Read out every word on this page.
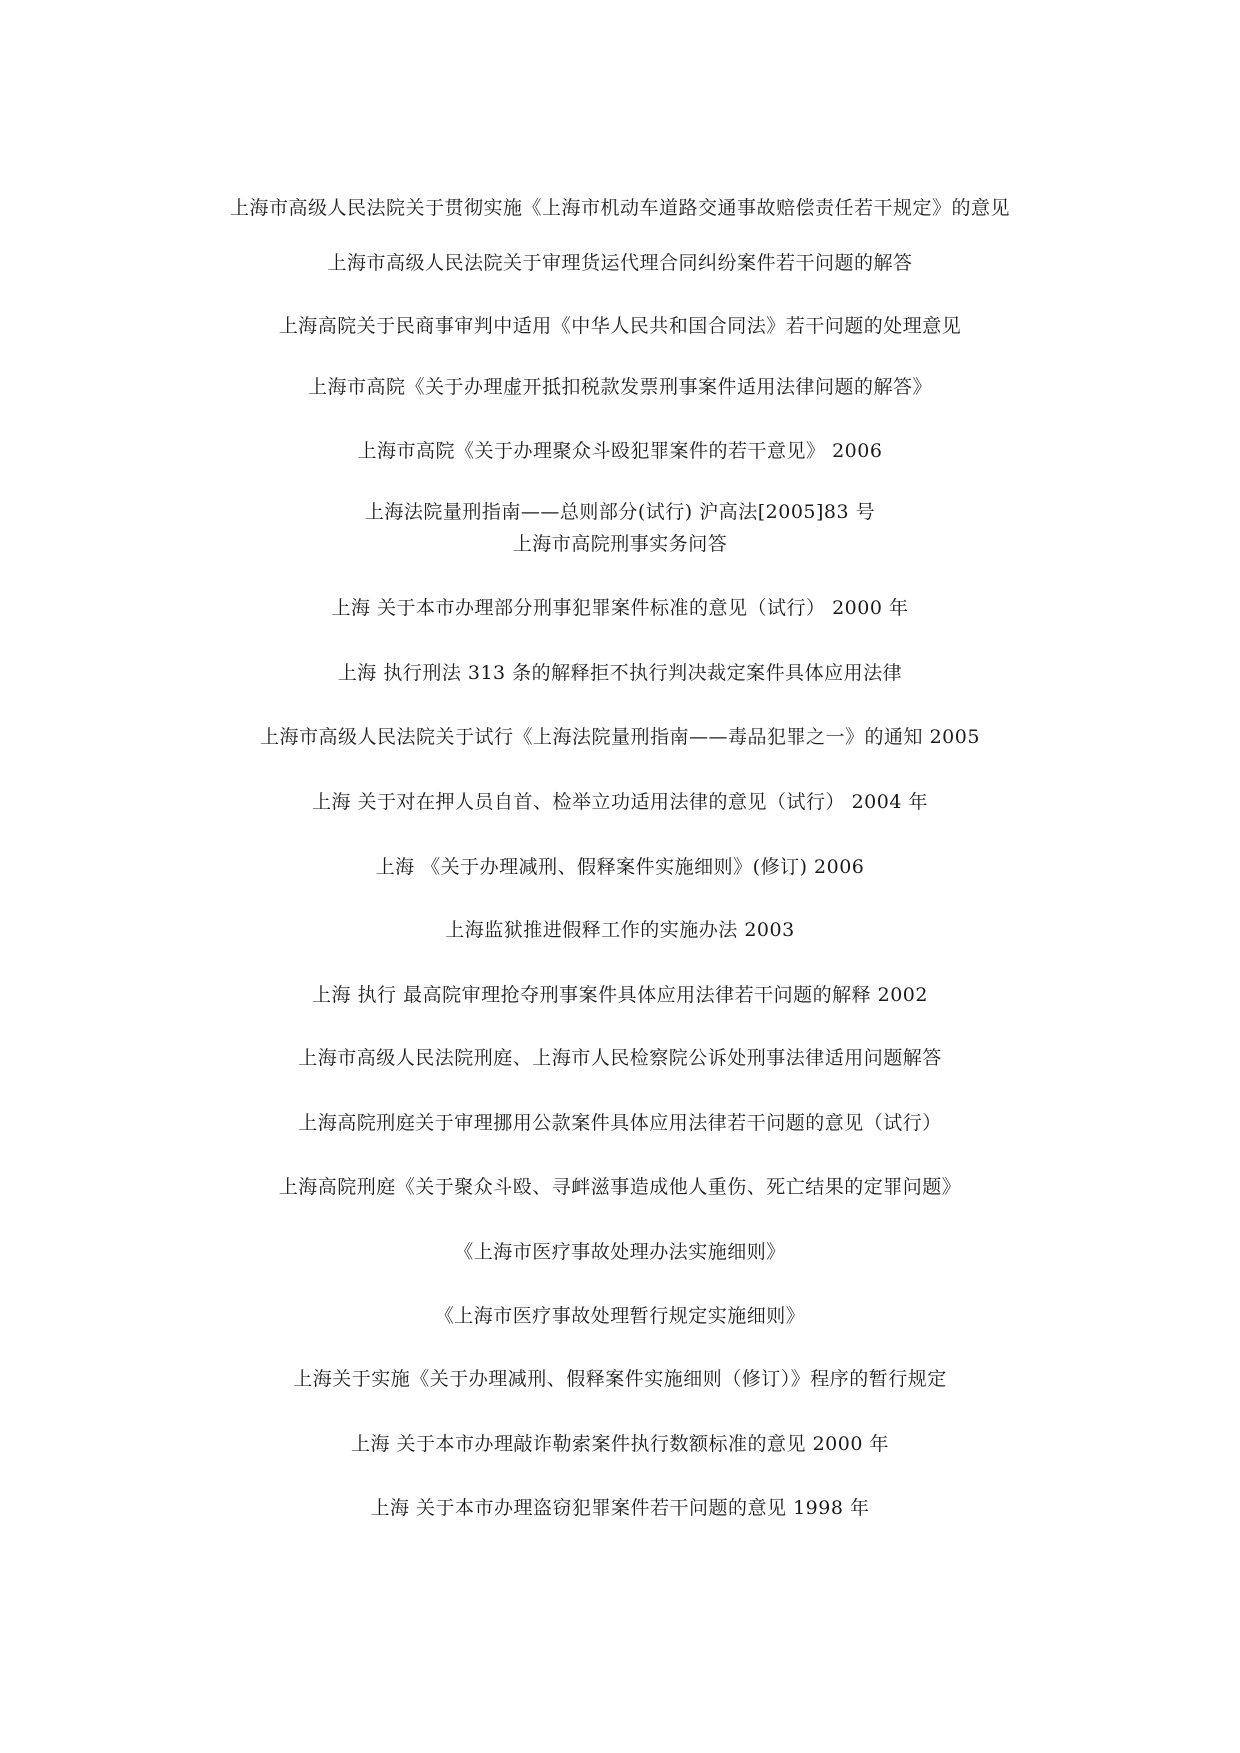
上海市高级人民法院关于贯彻实施《上海市机动车道路交通事故赔偿责任若干规定》的意见
上海市高级人民法院关于审理货运代理合同纠纷案件若干问题的解答
上海高院关于民商事审判中适用《中华人民共和国合同法》若干问题的处理意见
上海市高院《关于办理虚开抵扣税款发票刑事案件适用法律问题的解答》
上海市高院《关于办理聚众斗殴犯罪案件的若干意见》 2006
上海法院量刑指南——总则部分(试行) 沪高法[2005]83 号
上海市高院刑事实务问答
上海 关于本市办理部分刑事犯罪案件标准的意见（试行） 2000 年
上海 执行刑法 313 条的解释拒不执行判决裁定案件具体应用法律
上海市高级人民法院关于试行《上海法院量刑指南——毒品犯罪之一》的通知 2005
上海 关于对在押人员自首、检举立功适用法律的意见（试行） 2004 年
上海 《关于办理减刑、假释案件实施细则》(修订) 2006
上海监狱推进假释工作的实施办法 2003
上海 执行 最高院审理抢夺刑事案件具体应用法律若干问题的解释 2002
上海市高级人民法院刑庭、上海市人民检察院公诉处刑事法律适用问题解答
上海高院刑庭关于审理挪用公款案件具体应用法律若干问题的意见（试行）
上海高院刑庭《关于聚众斗殴、寻衅滋事造成他人重伤、死亡结果的定罪问题》
《上海市医疗事故处理办法实施细则》
《上海市医疗事故处理暂行规定实施细则》
上海关于实施《关于办理减刑、假释案件实施细则（修订）》程序的暂行规定
上海 关于本市办理敲诈勒索案件执行数额标准的意见 2000 年
上海 关于本市办理盗窃犯罪案件若干问题的意见 1998 年
